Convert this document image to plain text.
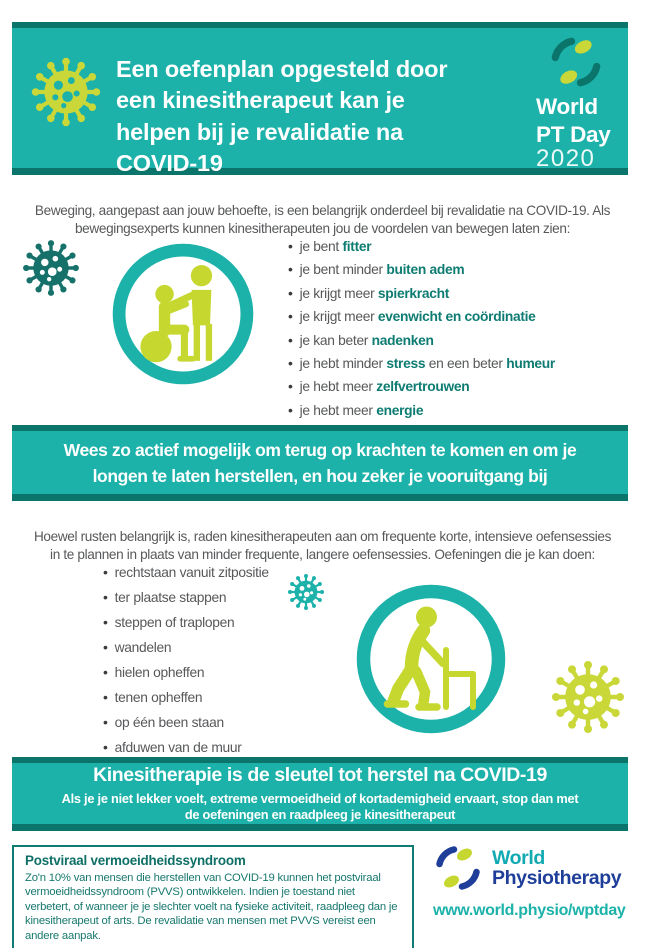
Een oefenplan opgesteld door
een kinesitherapeut kan je
helpen bij je revalidatie na
COVID-19
World
PT Day
2020

Beweging, aangepast aan jouw behoefte, is een belangrijk onderdeel bij revalidatie na COVID-19. Als
bewegingsexperts kunnen kinesitherapeuten jou de voordelen van bewegen laten zien:

• je bent fitter
• je bent minder buiten adem
• je krijgt meer spierkracht
• je krijgt meer evenwicht en coördinatie
• je kan beter nadenken
• je hebt minder stress en een beter humeur
• je hebt meer zelfvertrouwen
• je hebt meer energie
Wees zo actief mogelijk om terug op krachten te komen en om je
longen te laten herstellen, en hou zeker je vooruitgang bij

Hoewel rusten belangrijk is, raden kinesitherapeuten aan om frequente korte, intensieve oefensessies
in te plannen in plaats van minder frequente, langere oefensessies. Oefeningen die je kan doen:

• rechtstaan vanuit zitpositie
• ter plaatse stappen
• steppen of traplopen
• wandelen
• hielen opheffen
• tenen opheffen
• op één been staan
• afduwen van de muur
Kinesitherapie is de sleutel tot herstel na COVID-19
Als je je niet lekker voelt, extreme vermoeidheid of kortademigheid ervaart, stop dan met
de oefeningen en raadpleeg je kinesitherapeut

Postviraal vermoeidheidssyndroom

Zo'n 10% van mensen die herstellen van COVID-19 kunnen het postviraal vermoeidheidssyndroom (PVVS) ontwikkelen. Indien je toestand niet verbetert, of wanneer je je slechter voelt na fysieke activiteit, raadpleeg dan je kinesitherapeut of arts. De revalidatie van mensen met PVVS vereist een andere aanpak.

World
Physiotherapy
www.world.physio/wptday
